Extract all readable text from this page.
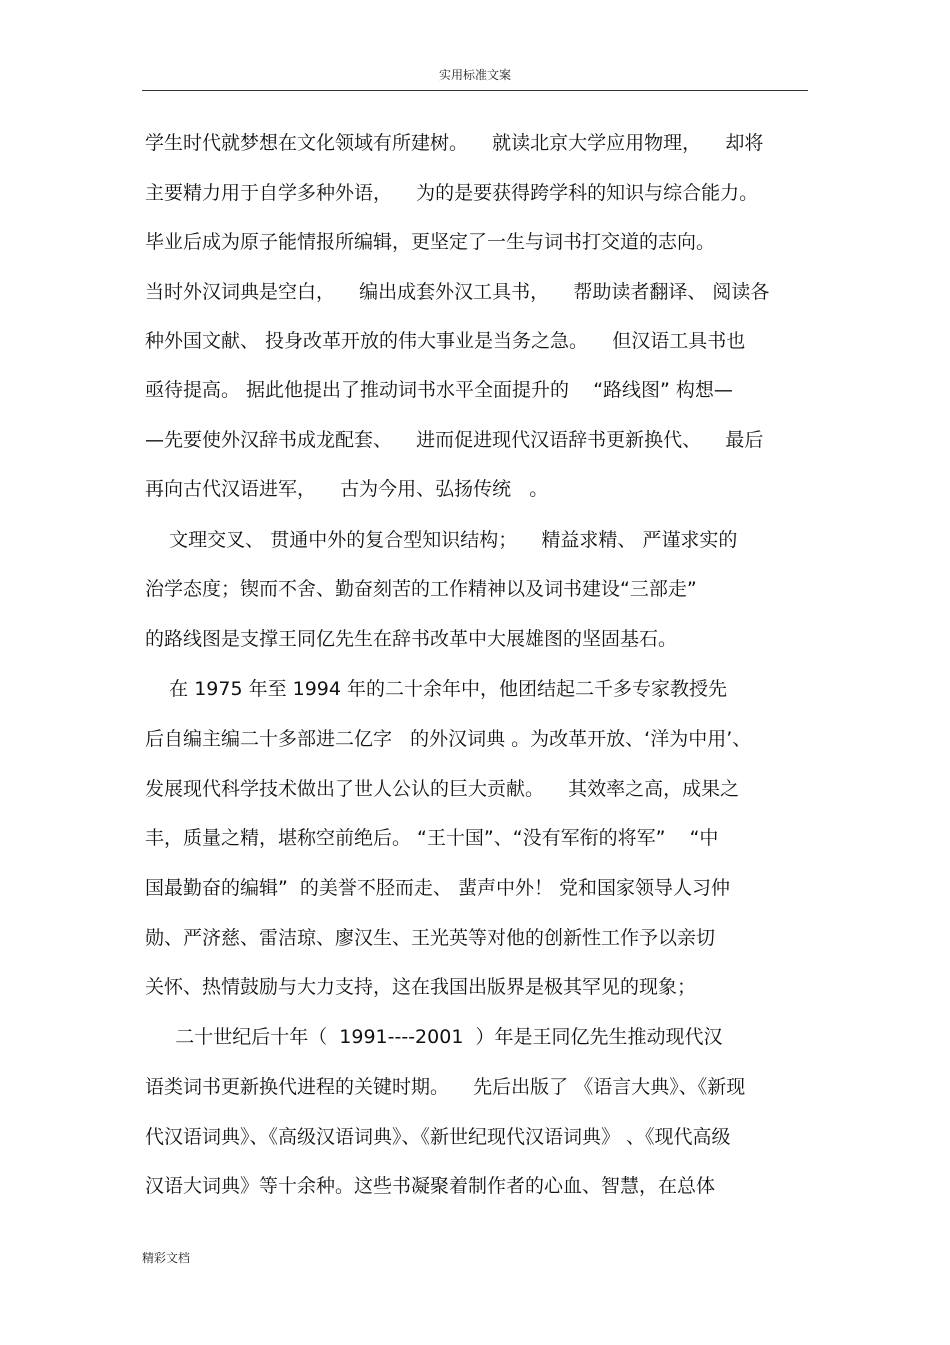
实用标准文案
学生时代就梦想在文化领域有所建树。    就读北京大学应用物理，    却将
主要精力用于自学多种外语，    为的是要获得跨学科的知识与综合能力。
毕业后成为原子能情报所编辑，更坚定了一生与词书打交道的志向。
当时外汉词典是空白，    编出成套外汉工具书，    帮助读者翻译、 阅读各
种外国文献、 投身改革开放的伟大事业是当务之急。    但汉语工具书也
亟待提高。 据此他提出了推动词书水平全面提升的    “路线图” 构想—
—先要使外汉辞书成龙配套、    进而促进现代汉语辞书更新换代、    最后
再向古代汉语进军，    古为今用、弘扬传统   。
文理交叉、 贯通中外的复合型知识结构；    精益求精、 严谨求实的
治学态度；锲而不舍、勤奋刻苦的工作精神以及词书建设“三部走”
的路线图是支撑王同亿先生在辞书改革中大展雄图的坚固基石。
在 1975 年至 1994 年的二十余年中，他团结起二千多专家教授先
后自编主编二十多部进二亿字   的外汉词典 。为改革开放、‘洋为中用’、
发展现代科学技术做出了世人公认的巨大贡献。    其效率之高，成果之
丰，质量之精，堪称空前绝后。 “王十国”、“没有军衔的将军”    “中
国最勤奋的编辑”  的美誉不胫而走、 蜚声中外！ 党和国家领导人习仲
勋、严济慈、雷洁琼、廖汉生、王光英等对他的创新性工作予以亲切
关怀、热情鼓励与大力支持，这在我国出版界是极其罕见的现象；
二十世纪后十年（  1991----2001  ）年是王同亿先生推动现代汉
语类词书更新换代进程的关键时期。    先后出版了 《语言大典》、《新现
代汉语词典》、《高级汉语词典》、《新世纪现代汉语词典》 、《现代高级
汉语大词典》等十余种。这些书凝聚着制作者的心血、智慧，在总体
精彩文档
